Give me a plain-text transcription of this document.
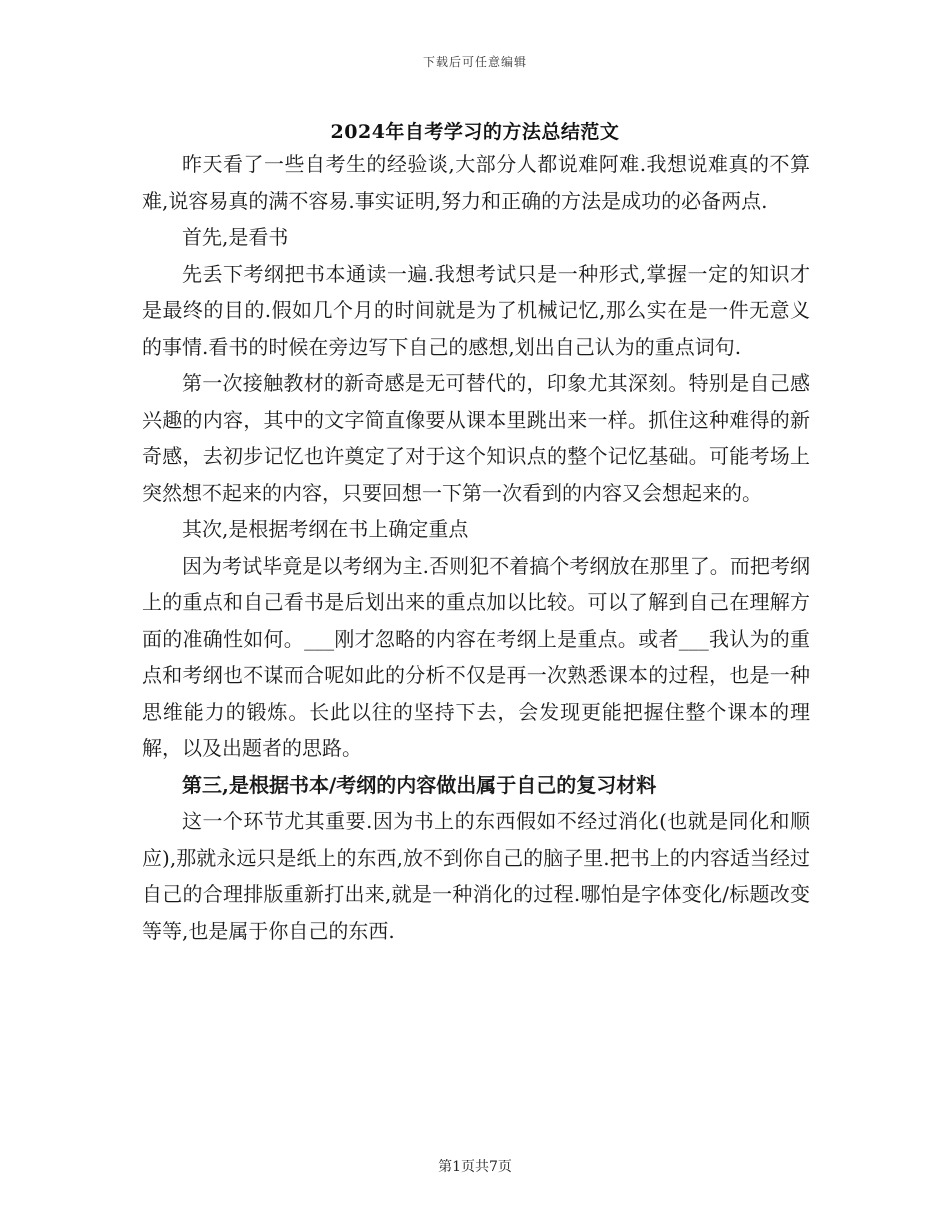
下载后可任意编辑
2024年自考学习的方法总结范文

昨天看了一些自考生的经验谈,大部分人都说难阿难.我想说难真的不算难,说容易真的满不容易.事实证明,努力和正确的方法是成功的必备两点.

首先,是看书

先丢下考纲把书本通读一遍.我想考试只是一种形式,掌握一定的知识才是最终的目的.假如几个月的时间就是为了机械记忆,那么实在是一件无意义的事情.看书的时候在旁边写下自己的感想,划出自己认为的重点词句.

第一次接触教材的新奇感是无可替代的，印象尤其深刻。特别是自己感兴趣的内容，其中的文字简直像要从课本里跳出来一样。抓住这种难得的新奇感，去初步记忆也许奠定了对于这个知识点的整个记忆基础。可能考场上突然想不起来的内容，只要回想一下第一次看到的内容又会想起来的。

其次,是根据考纲在书上确定重点

因为考试毕竟是以考纲为主.否则犯不着搞个考纲放在那里了。而把考纲上的重点和自己看书是后划出来的重点加以比较。可以了解到自己在理解方面的准确性如何。___刚才忽略的内容在考纲上是重点。或者___我认为的重点和考纲也不谋而合呢如此的分析不仅是再一次熟悉课本的过程，也是一种思维能力的锻炼。长此以往的坚持下去，会发现更能把握住整个课本的理解，以及出题者的思路。

第三,是根据书本/考纲的内容做出属于自己的复习材料

这一个环节尤其重要.因为书上的东西假如不经过消化(也就是同化和顺应),那就永远只是纸上的东西,放不到你自己的脑子里.把书上的内容适当经过自己的合理排版重新打出来,就是一种消化的过程.哪怕是字体变化/标题改变等等,也是属于你自己的东西.

第1页共7页
